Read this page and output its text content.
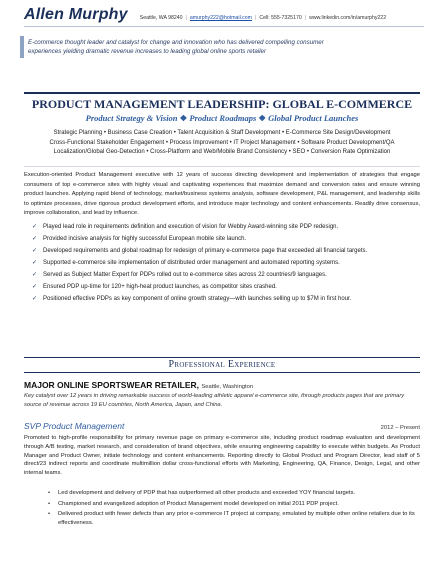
Allen Murphy Seattle, WA 98240 | amurphy222@hotmail.com | Cell: 555-7325170 | www.linkedin.com/in/amurphy222
E-commerce thought leader and catalyst for change and innovation who has delivered compelling consumer
experiences yielding dramatic revenue increases to leading global online sports retailer
PRODUCT MANAGEMENT LEADERSHIP: GLOBAL E-COMMERCE
Product Strategy & Vision ❖ Product Roadmaps ❖ Global Product Launches
Strategic Planning • Business Case Creation • Talent Acquisition & Staff Development • E-Commerce Site Design/Development
Cross-Functional Stakeholder Engagement • Process Improvement • IT Project Management • Software Product Development/QA
Localization/Global Geo-Detection • Cross-Platform and Web/Mobile Brand Consistency • SEO • Conversion Rate Optimization
Execution-oriented Product Management executive with 12 years of success directing development and implementation of strategies that engage consumers of top e-commerce sites with highly visual and captivating experiences that maximize demand and conversion rates and ensure winning product launches. Applying rapid blend of technology, market/business systems analysis, software development, P&L management, and leadership skills to optimize processes, drive rigorous product development efforts, and introduce major technology and content enhancements. Readily drive consensus, improve collaboration, and lead by influence.
✓ Played lead role in requirements definition and execution of vision for Webby Award-winning site PDP redesign.
✓ Provided incisive analysis for highly successful European mobile site launch.
✓ Developed requirements and global roadmap for redesign of primary e-commerce page that exceeded all financial targets.
✓ Supported e-commerce site implementation of distributed order management and automated reporting systems.
✓ Served as Subject Matter Expert for PDPs rolled out to e-commerce sites across 22 countries/9 languages.
✓ Ensured PDP up-time for 120+ high-heat product launches, as competitor sites crashed.
✓ Positioned effective PDPs as key component of online growth strategy—with launches selling up to $7M in first hour.
Professional Experience
MAJOR ONLINE SPORTSWEAR RETAILER, Seattle, Washington
Key catalyst over 12 years in driving remarkable success of world-leading athletic apparel e-commerce site, through products pages that are primary source of revenue across 19 EU countries, North America, Japan, and China.
SVP Product Management	2012 – Present
Promoted to high-profile responsibility for primary revenue page on primary e-commerce site, including product roadmap evaluation and development through A/B testing, market research, and consideration of brand objectives, while ensuring engineering capability to execute within budgets. As Product Manager and Product Owner, initiate technology and content enhancements. Reporting directly to Global Product and Program Director, lead staff of 5 direct/23 indirect reports and coordinate multimillion dollar cross-functional efforts with Marketing, Engineering, QA, Finance, Design, Legal, and other internal teams.
•	Led development and delivery of PDP that has outperformed all other products and exceeded YOY financial targets.
•	Championed and evangelized adoption of Product Management model developed on initial 2011 PDP project.
•	Delivered product with fewer defects than any prior e-commerce IT project at company, emulated by multiple other online retailers due to its effectiveness.
